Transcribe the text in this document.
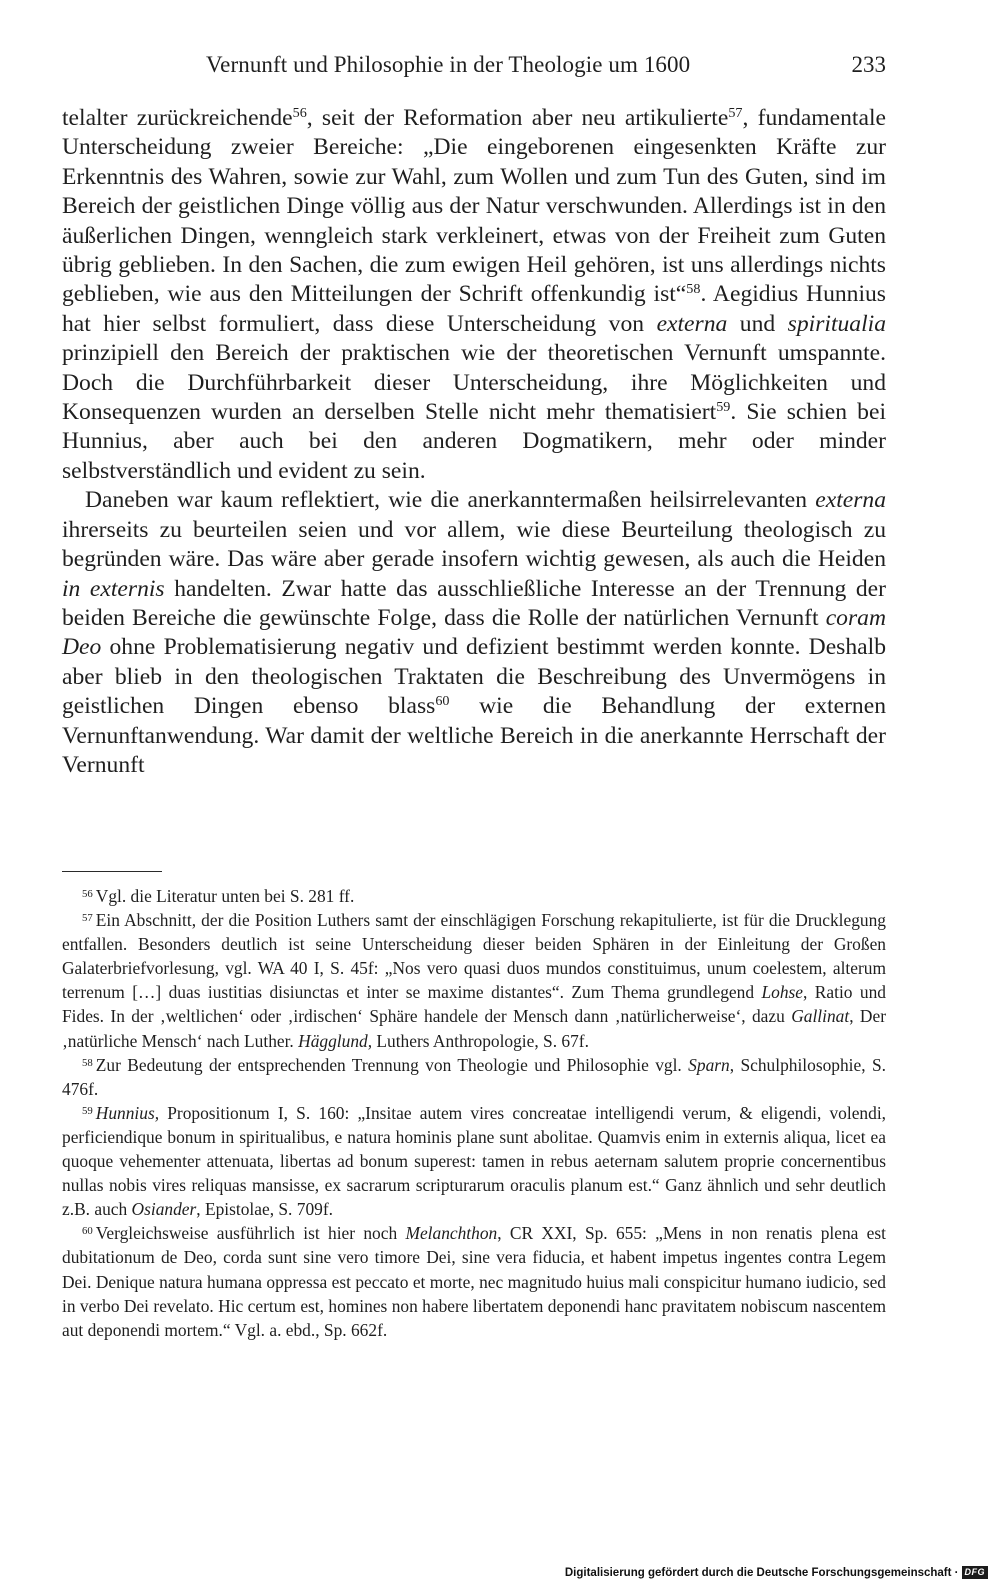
Vernunft und Philosophie in der Theologie um 1600	233

telalter zurückreichende$^{56}$, seit der Reformation aber neu artikulierte$^{57}$, fundamentale Unterscheidung zweier Bereiche: „Die eingeborenen eingesenkten Kräfte zur Erkenntnis des Wahren, sowie zur Wahl, zum Wollen und zum Tun des Guten, sind im Bereich der geistlichen Dinge völlig aus der Natur verschwunden. Allerdings ist in den äußerlichen Dingen, wenngleich stark verkleinert, etwas von der Freiheit zum Guten übrig geblieben. In den Sachen, die zum ewigen Heil gehören, ist uns allerdings nichts geblieben, wie aus den Mitteilungen der Schrift offenkundig ist“$^{58}$. Aegidius Hunnius hat hier selbst formuliert, dass diese Unterscheidung von externa und spiritualia prinzipiell den Bereich der praktischen wie der theoretischen Vernunft umspannte. Doch die Durchführbarkeit dieser Unterscheidung, ihre Möglichkeiten und Konsequenzen wurden an derselben Stelle nicht mehr thematisiert$^{59}$. Sie schien bei Hunnius, aber auch bei den anderen Dogmatikern, mehr oder minder selbstverständlich und evident zu sein.

Daneben war kaum reflektiert, wie die anerkanntermaßen heilsirrelevanten externa ihrerseits zu beurteilen seien und vor allem, wie diese Beurteilung theologisch zu begründen wäre. Das wäre aber gerade insofern wichtig gewesen, als auch die Heiden in externis handelten. Zwar hatte das ausschließliche Interesse an der Trennung der beiden Bereiche die gewünschte Folge, dass die Rolle der natürlichen Vernunft coram Deo ohne Problematisierung negativ und defizient bestimmt werden konnte. Deshalb aber blieb in den theologischen Traktaten die Beschreibung des Unvermögens in geistlichen Dingen ebenso blass$^{60}$ wie die Behandlung der externen Vernunftanwendung. War damit der weltliche Bereich in die anerkannte Herrschaft der Vernunft

$^{56}$ Vgl. die Literatur unten bei S. 281 ff.

$^{57}$ Ein Abschnitt, der die Position Luthers samt der einschlägigen Forschung rekapitulierte, ist für die Drucklegung entfallen. Besonders deutlich ist seine Unterscheidung dieser beiden Sphären in der Einleitung der Großen Galaterbriefvorlesung, vgl. WA 40 I, S. 45f: „Nos vero quasi duos mundos constituimus, unum coelestem, alterum terrenum […] duas iustitias disiunctas et inter se maxime distantes“. Zum Thema grundlegend Lohse, Ratio und Fides. In der ‚weltlichen‘ oder ‚irdischen‘ Sphäre handele der Mensch dann ‚natürlicherweise‘, dazu Gallinat, Der ‚natürliche Mensch‘ nach Luther. Hägglund, Luthers Anthropologie, S. 67f.

$^{58}$ Zur Bedeutung der entsprechenden Trennung von Theologie und Philosophie vgl. Sparn, Schulphilosophie, S. 476f.

$^{59}$ Hunnius, Propositionum I, S. 160: „Insitae autem vires concreatae intelligendi verum, & eligendi, volendi, perficiendique bonum in spiritualibus, e natura hominis plane sunt abolitae. Quamvis enim in externis aliqua, licet ea quoque vehementer attenuata, libertas ad bonum superest: tamen in rebus aeternam salutem proprie concernentibus nullas nobis vires reliquas mansisse, ex sacrarum scripturarum oraculis planum est.“ Ganz ähnlich und sehr deutlich z.B. auch Osiander, Epistolae, S. 709f.

$^{60}$ Vergleichsweise ausführlich ist hier noch Melanchthon, CR XXI, Sp. 655: „Mens in non renatis plena est dubitationum de Deo, corda sunt sine vero timore Dei, sine vera fiducia, et habent impetus ingentes contra Legem Dei. Denique natura humana oppressa est peccato et morte, nec magnitudo huius mali conspicitur humano iudicio, sed in verbo Dei revelato. Hic certum est, homines non habere libertatem deponendi hanc pravitatem nobiscum nascentem aut deponendi mortem.“ Vgl. a. ebd., Sp. 662f.

Digitalisierung gefördert durch die Deutsche Forschungsgemeinschaft · DFG
